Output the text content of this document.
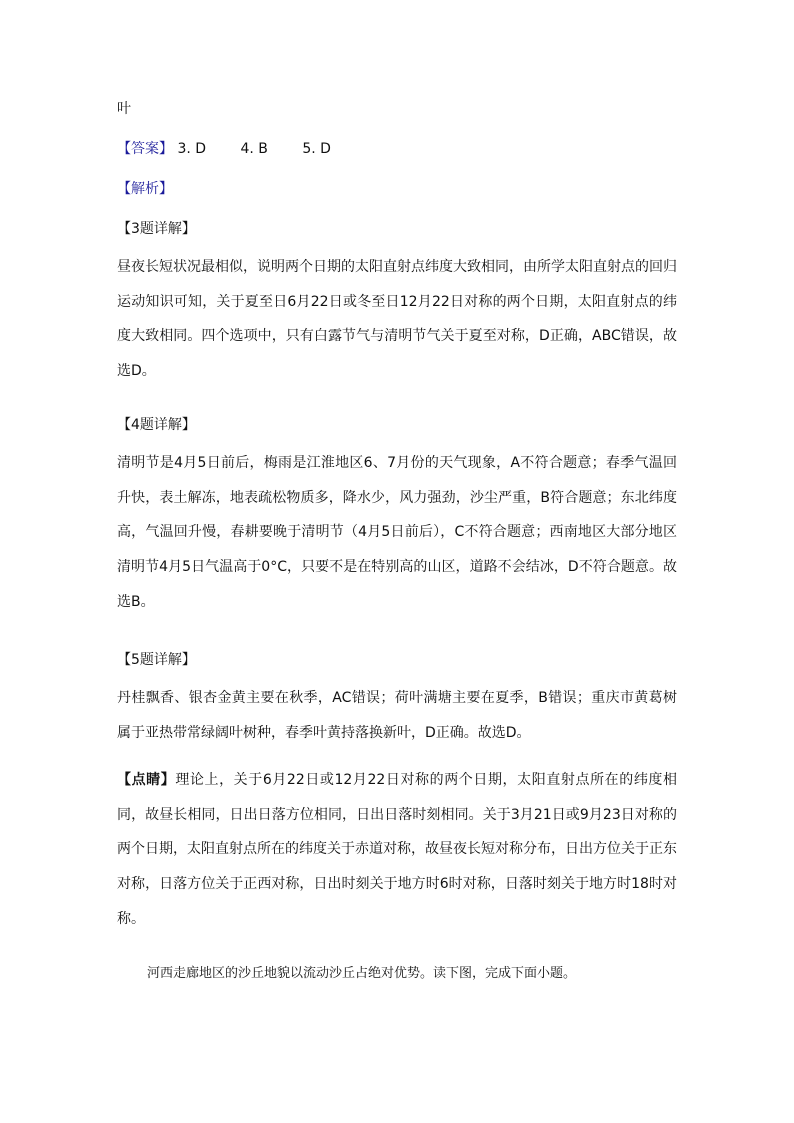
叶
【答案】 3. D 4. B 5. D
【解析】
【3题详解】
昼夜长短状况最相似，说明两个日期的太阳直射点纬度大致相同，由所学太阳直射点的回归运动知识可知，关于夏至日6月22日或冬至日12月22日对称的两个日期，太阳直射点的纬度大致相同。四个选项中，只有白露节气与清明节气关于夏至对称，D正确，ABC错误，故选D。
【4题详解】
清明节是4月5日前后，梅雨是江淮地区6、7月份的天气现象，A不符合题意；春季气温回升快，表土解冻，地表疏松物质多，降水少，风力强劲，沙尘严重，B符合题意；东北纬度高，气温回升慢，春耕要晚于清明节（4月5日前后），C不符合题意；西南地区大部分地区清明节4月5日气温高于0°C，只要不是在特别高的山区，道路不会结冰，D不符合题意。故选B。
【5题详解】
丹桂飘香、银杏金黄主要在秋季，AC错误；荷叶满塘主要在夏季，B错误；重庆市黄葛树属于亚热带常绿阔叶树种，春季叶黄持落换新叶，D正确。故选D。
【点睛】理论上，关于6月22日或12月22日对称的两个日期，太阳直射点所在的纬度相同，故昼长相同，日出日落方位相同，日出日落时刻相同。关于3月21日或9月23日对称的两个日期，太阳直射点所在的纬度关于赤道对称，故昼夜长短对称分布，日出方位关于正东对称，日落方位关于正西对称，日出时刻关于地方时6时对称，日落时刻关于地方时18时对称。
河西走廊地区的沙丘地貌以流动沙丘占绝对优势。读下图，完成下面小题。
